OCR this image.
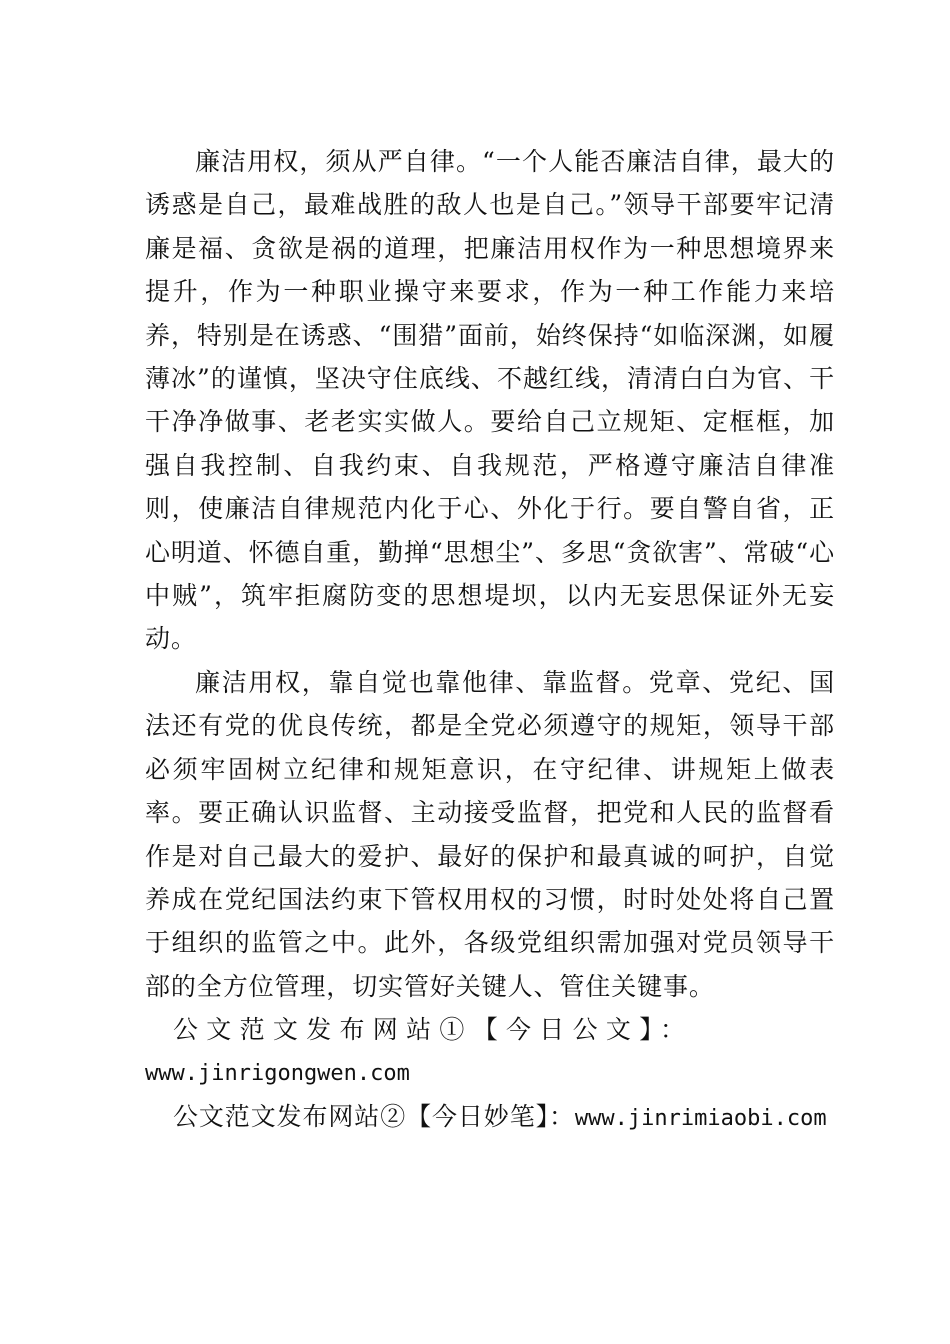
廉洁用权，须从严自律。“一个人能否廉洁自律，最大的诱惑是自己，最难战胜的敌人也是自己。”领导干部要牢记清廉是福、贪欲是祸的道理，把廉洁用权作为一种思想境界来提升，作为一种职业操守来要求，作为一种工作能力来培养，特别是在诱惑、“围猎”面前，始终保持“如临深渊，如履薄冰”的谨慎，坚决守住底线、不越红线，清清白白为官、干干净净做事、老老实实做人。要给自己立规矩、定框框，加强自我控制、自我约束、自我规范，严格遵守廉洁自律准则，使廉洁自律规范内化于心、外化于行。要自警自省，正心明道、怀德自重，勤掸“思想尘”、多思“贪欲害”、常破“心中贼”，筑牢拒腐防变的思想堤坝，以内无妄思保证外无妄动。

廉洁用权，靠自觉也靠他律、靠监督。党章、党纪、国法还有党的优良传统，都是全党必须遵守的规矩，领导干部必须牢固树立纪律和规矩意识，在守纪律、讲规矩上做表率。要正确认识监督、主动接受监督，把党和人民的监督看作是对自己最大的爱护、最好的保护和最真诚的呵护，自觉养成在党纪国法约束下管权用权的习惯，时时处处将自己置于组织的监管之中。此外，各级党组织需加强对党员领导干部的全方位管理，切实管好关键人、管住关键事。

公文范文发布网站①【今日公文】：

www.jinrigongwen.com

公文范文发布网站②【今日妙笔】：www.jinrimiaobi.com
